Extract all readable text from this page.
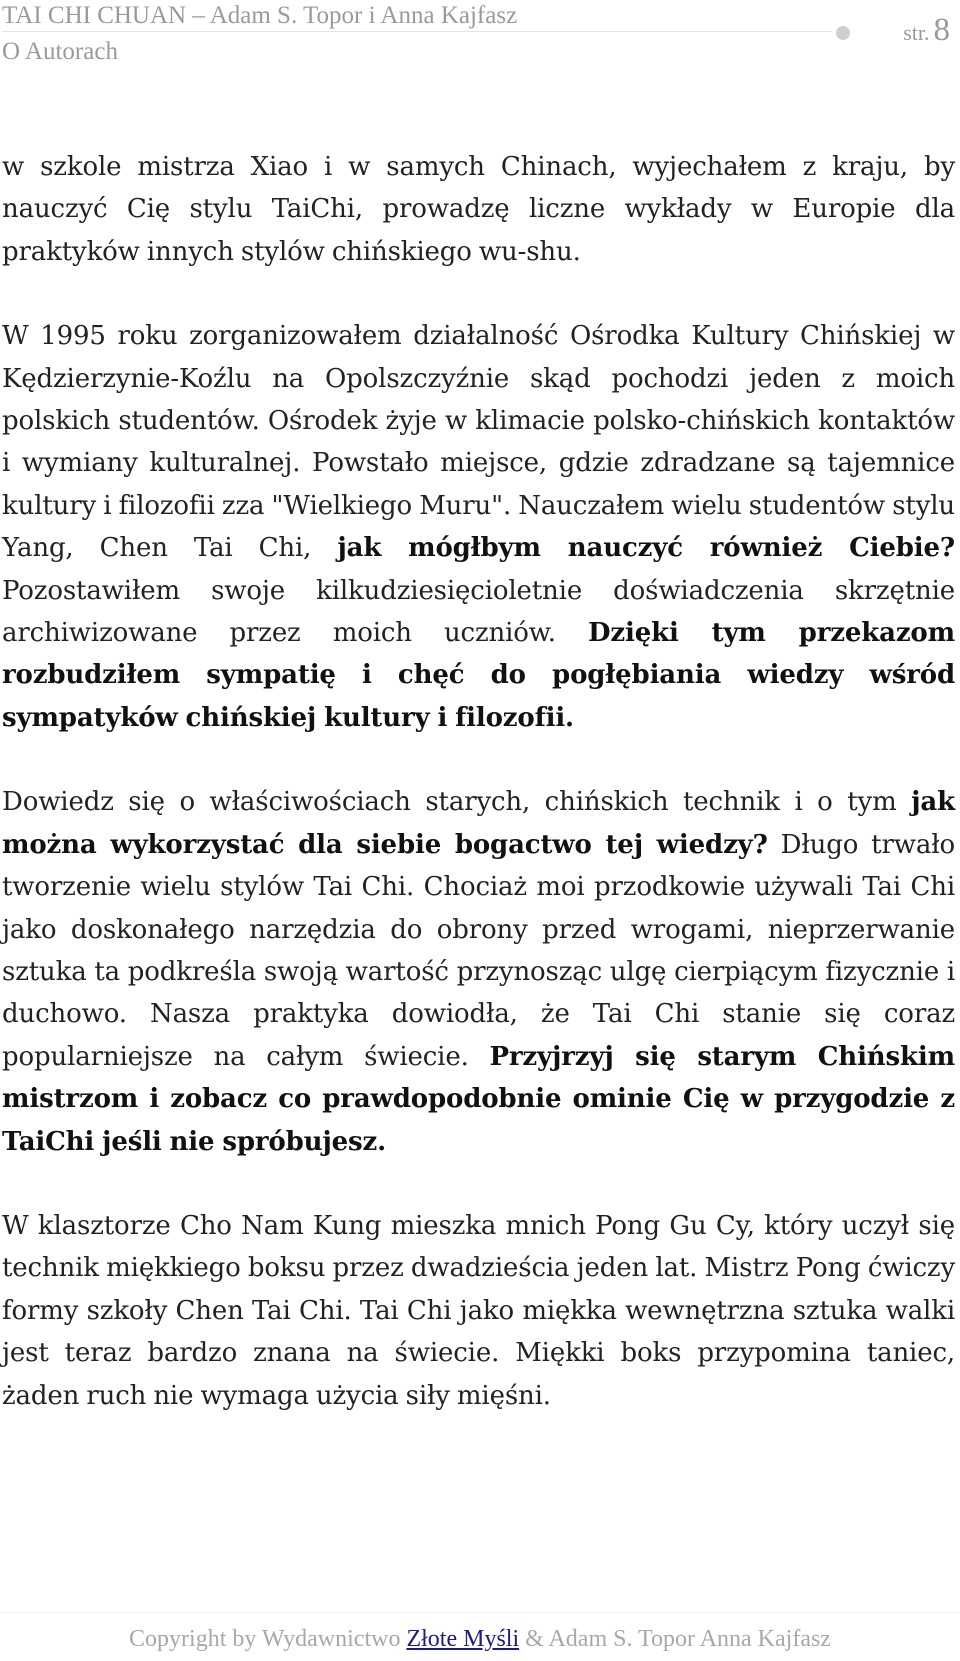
TAI CHI CHUAN – Adam S. Topor i Anna Kajfasz
O Autorach
str. 8

w szkole mistrza Xiao i w samych Chinach, wyjechałem z kraju, by nauczyć Cię stylu TaiChi, prowadzę liczne wykłady w Europie dla praktyków innych stylów chińskiego wu-shu.

W 1995 roku zorganizowałem działalność Ośrodka Kultury Chińskiej w Kędzierzynie-Koźlu na Opolszczyźnie skąd pochodzi jeden z moich polskich studentów. Ośrodek żyje w klimacie polsko-chińskich kontaktów i wymiany kulturalnej. Powstało miejsce, gdzie zdradzane są tajemnice kultury i filozofii zza "Wielkiego Muru". Nauczałem wielu studentów stylu Yang, Chen Tai Chi, jak mógłbym nauczyć również Ciebie? Pozostawiłem swoje kilkudziesięcioletnie doświadczenia skrzętnie archiwizowane przez moich uczniów. Dzięki tym przekazom rozbudziłem sympatię i chęć do pogłębiania wiedzy wśród sympatyków chińskiej kultury i filozofii.

Dowiedz się o właściwościach starych, chińskich technik i o tym jak można wykorzystać dla siebie bogactwo tej wiedzy? Długo trwało tworzenie wielu stylów Tai Chi. Chociaż moi przodkowie używali Tai Chi jako doskonałego narzędzia do obrony przed wrogami, nieprzerwanie sztuka ta podkreśla swoją wartość przynosząc ulgę cierpiącym fizycznie i duchowo. Nasza praktyka dowiodła, że Tai Chi stanie się coraz popularniejsze na całym świecie. Przyjrzyj się starym Chińskim mistrzom i zobacz co prawdopodobnie ominie Cię w przygodzie z TaiChi jeśli nie spróbujesz.

W klasztorze Cho Nam Kung mieszka mnich Pong Gu Cy, który uczył się technik miękkiego boksu przez dwadzieścia jeden lat. Mistrz Pong ćwiczy formy szkoły Chen Tai Chi. Tai Chi jako miękka wewnętrzna sztuka walki jest teraz bardzo znana na świecie. Miękki boks przypomina taniec, żaden ruch nie wymaga użycia siły mięśni.

Copyright by Wydawnictwo Złote Myśli & Adam S. Topor Anna Kajfasz
